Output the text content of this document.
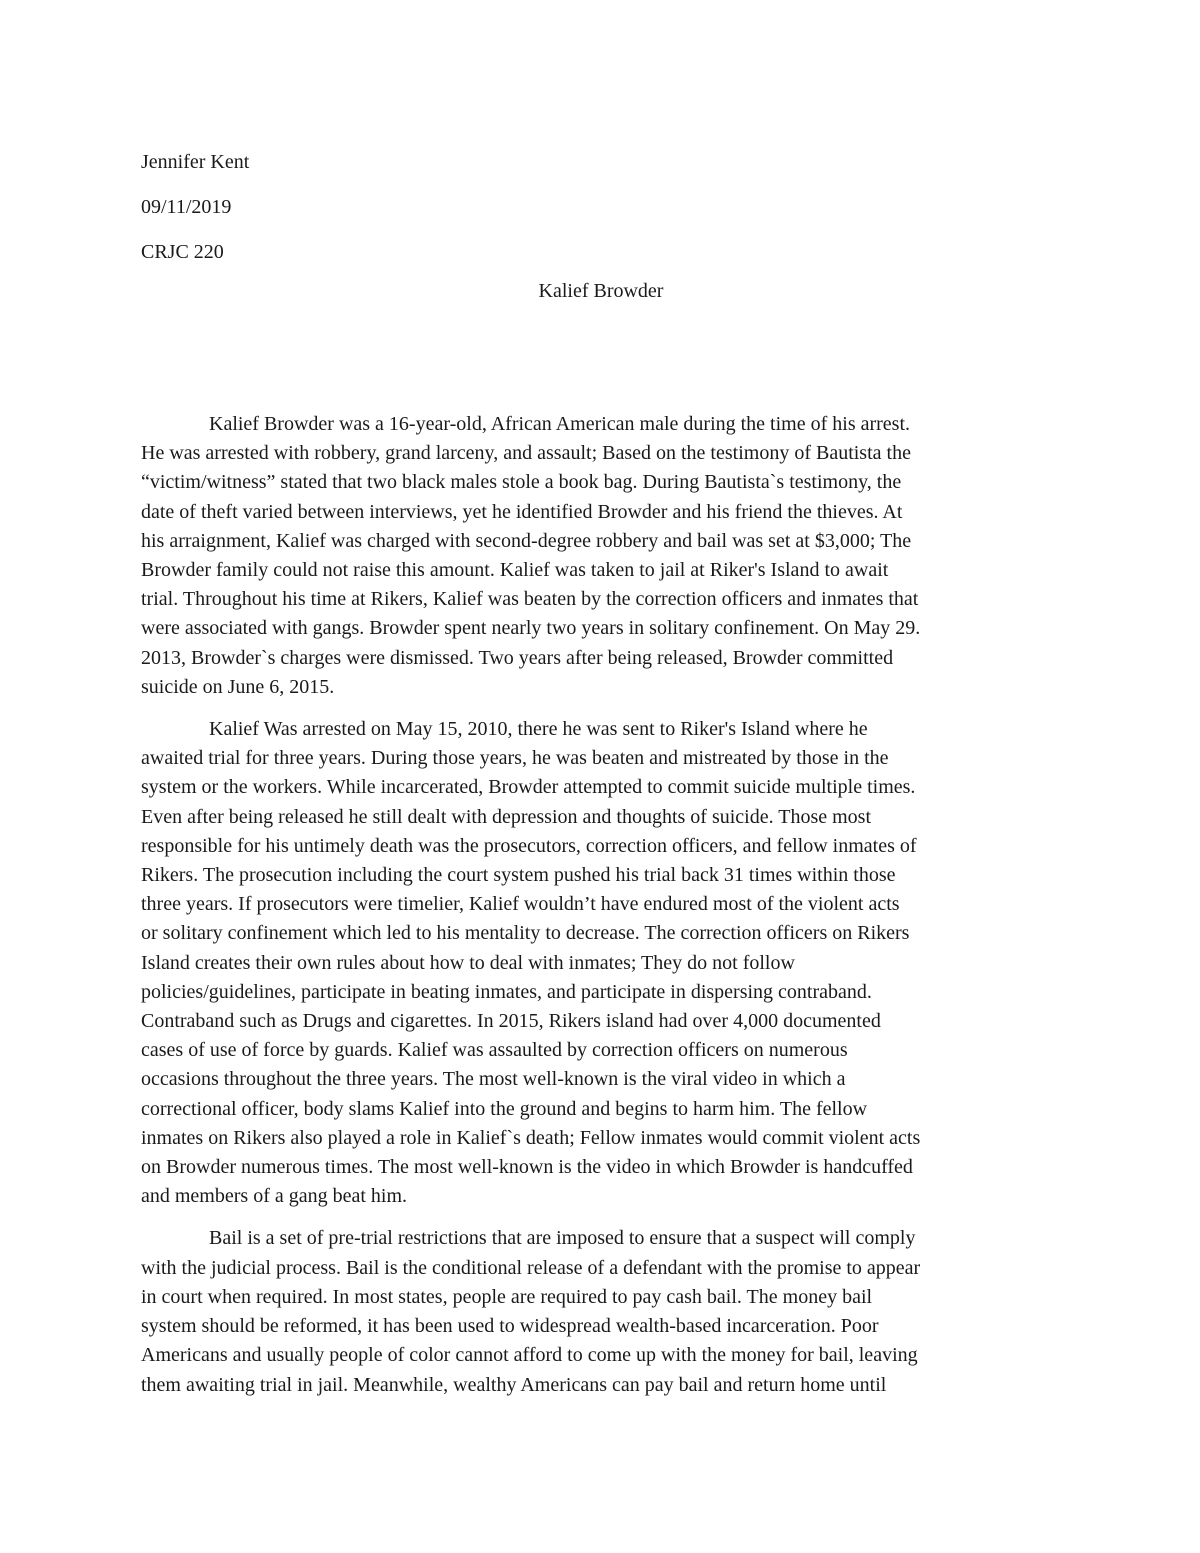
Jennifer Kent
09/11/2019
CRJC 220
Kalief Browder

Kalief Browder was a 16-year-old, African American male during the time of his arrest.
He was arrested with robbery, grand larceny, and assault; Based on the testimony of Bautista the
“victim/witness” stated that two black males stole a book bag. During Bautista`s testimony, the
date of theft varied between interviews, yet he identified Browder and his friend the thieves. At
his arraignment, Kalief was charged with second-degree robbery and bail was set at $3,000; The
Browder family could not raise this amount. Kalief was taken to jail at Riker's Island to await
trial. Throughout his time at Rikers, Kalief was beaten by the correction officers and inmates that
were associated with gangs. Browder spent nearly two years in solitary confinement. On May 29.
2013, Browder`s charges were dismissed. Two years after being released, Browder committed
suicide on June 6, 2015.

Kalief Was arrested on May 15, 2010, there he was sent to Riker's Island where he
awaited trial for three years. During those years, he was beaten and mistreated by those in the
system or the workers. While incarcerated, Browder attempted to commit suicide multiple times.
Even after being released he still dealt with depression and thoughts of suicide. Those most
responsible for his untimely death was the prosecutors, correction officers, and fellow inmates of
Rikers. The prosecution including the court system pushed his trial back 31 times within those
three years. If prosecutors were timelier, Kalief wouldn’t have endured most of the violent acts
or solitary confinement which led to his mentality to decrease. The correction officers on Rikers
Island creates their own rules about how to deal with inmates; They do not follow
policies/guidelines, participate in beating inmates, and participate in dispersing contraband.
Contraband such as Drugs and cigarettes. In 2015, Rikers island had over 4,000 documented
cases of use of force by guards. Kalief was assaulted by correction officers on numerous
occasions throughout the three years. The most well-known is the viral video in which a
correctional officer, body slams Kalief into the ground and begins to harm him. The fellow
inmates on Rikers also played a role in Kalief`s death; Fellow inmates would commit violent acts
on Browder numerous times. The most well-known is the video in which Browder is handcuffed
and members of a gang beat him.

Bail is a set of pre-trial restrictions that are imposed to ensure that a suspect will comply
with the judicial process. Bail is the conditional release of a defendant with the promise to appear
in court when required. In most states, people are required to pay cash bail. The money bail
system should be reformed, it has been used to widespread wealth-based incarceration. Poor
Americans and usually people of color cannot afford to come up with the money for bail, leaving
them awaiting trial in jail. Meanwhile, wealthy Americans can pay bail and return home until
